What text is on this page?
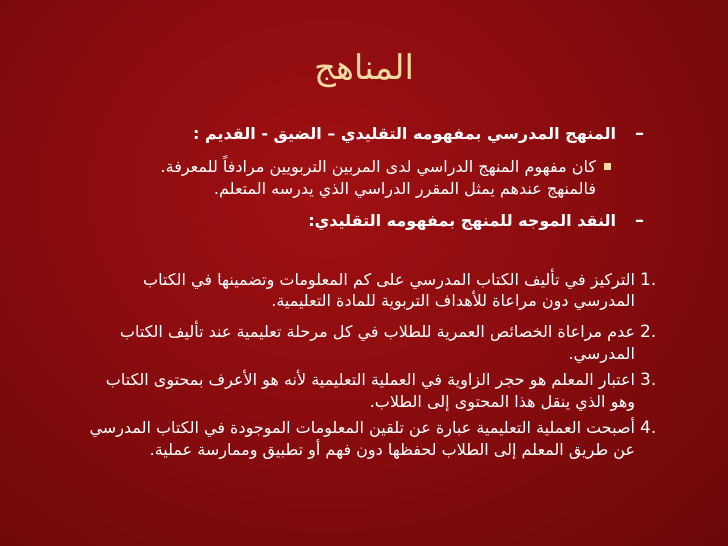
المناهج
–
المنهج المدرسي بمفهومه التقليدي – الضيق - القديم :
كان مفهوم المنهج الدراسي لدى المربين التربويين مرادفاً للمعرفة.
فالمنهج عندهم يمثل المقرر الدراسي الذي يدرسه المتعلم.
–
النقد الموجه للمنهج بمفهومه التقليدي:
1.
التركيز في تأليف الكتاب المدرسي على كم المعلومات وتضمينها في الكتاب
المدرسي دون مراعاة للأهداف التربوية للمادة التعليمية.
2.
عدم مراعاة الخصائص العمرية للطلاب في كل مرحلة تعليمية عند تأليف الكتاب
المدرسي.
3.
اعتبار المعلم هو حجر الزاوية في العملية التعليمية لأنه هو الأعرف بمحتوى الكتاب
وهو الذي ينقل هذا المحتوى إلى الطلاب.
4.
أصبحت العملية التعليمية عبارة عن تلقين المعلومات الموجودة في الكتاب المدرسي
عن طريق المعلم إلى الطلاب لحفظها دون فهم أو تطبيق وممارسة عملية.
